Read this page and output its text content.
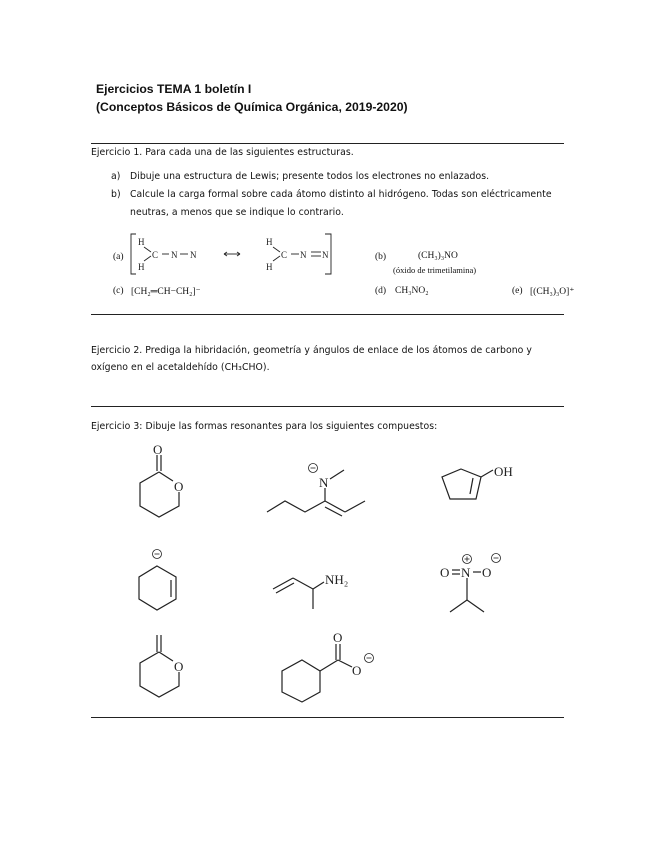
Ejercicios TEMA 1 boletín I
(Conceptos Básicos de Química Orgánica, 2019-2020)
Ejercicio 1. Para cada una de las siguientes estructuras.
a) Dibuje una estructura de Lewis; presente todos los electrones no enlazados.
b) Calcule la carga formal sobre cada átomo distinto al hidrógeno. Todas son eléctricamente
neutras, a menos que se indique lo contrario.
(a)
H
H
C N N
H
H
C N N	(b)	(CH₃)₃NO
(óxido de trimetilamina)
(c) [CH₂═CH−CH₂]⁻	(d) CH₃NO₂	(e) [(CH₃)₃O]⁺
Ejercicio 2. Prediga la hibridación, geometría y ángulos de enlace de los átomos de carbono y
oxígeno en el acetaldehído (CH₃CHO).
Ejercicio 3: Dibuje las formas resonantes para los siguientes compuestos:
O
O	N
OH
NH₂	O N O
O
O
O
